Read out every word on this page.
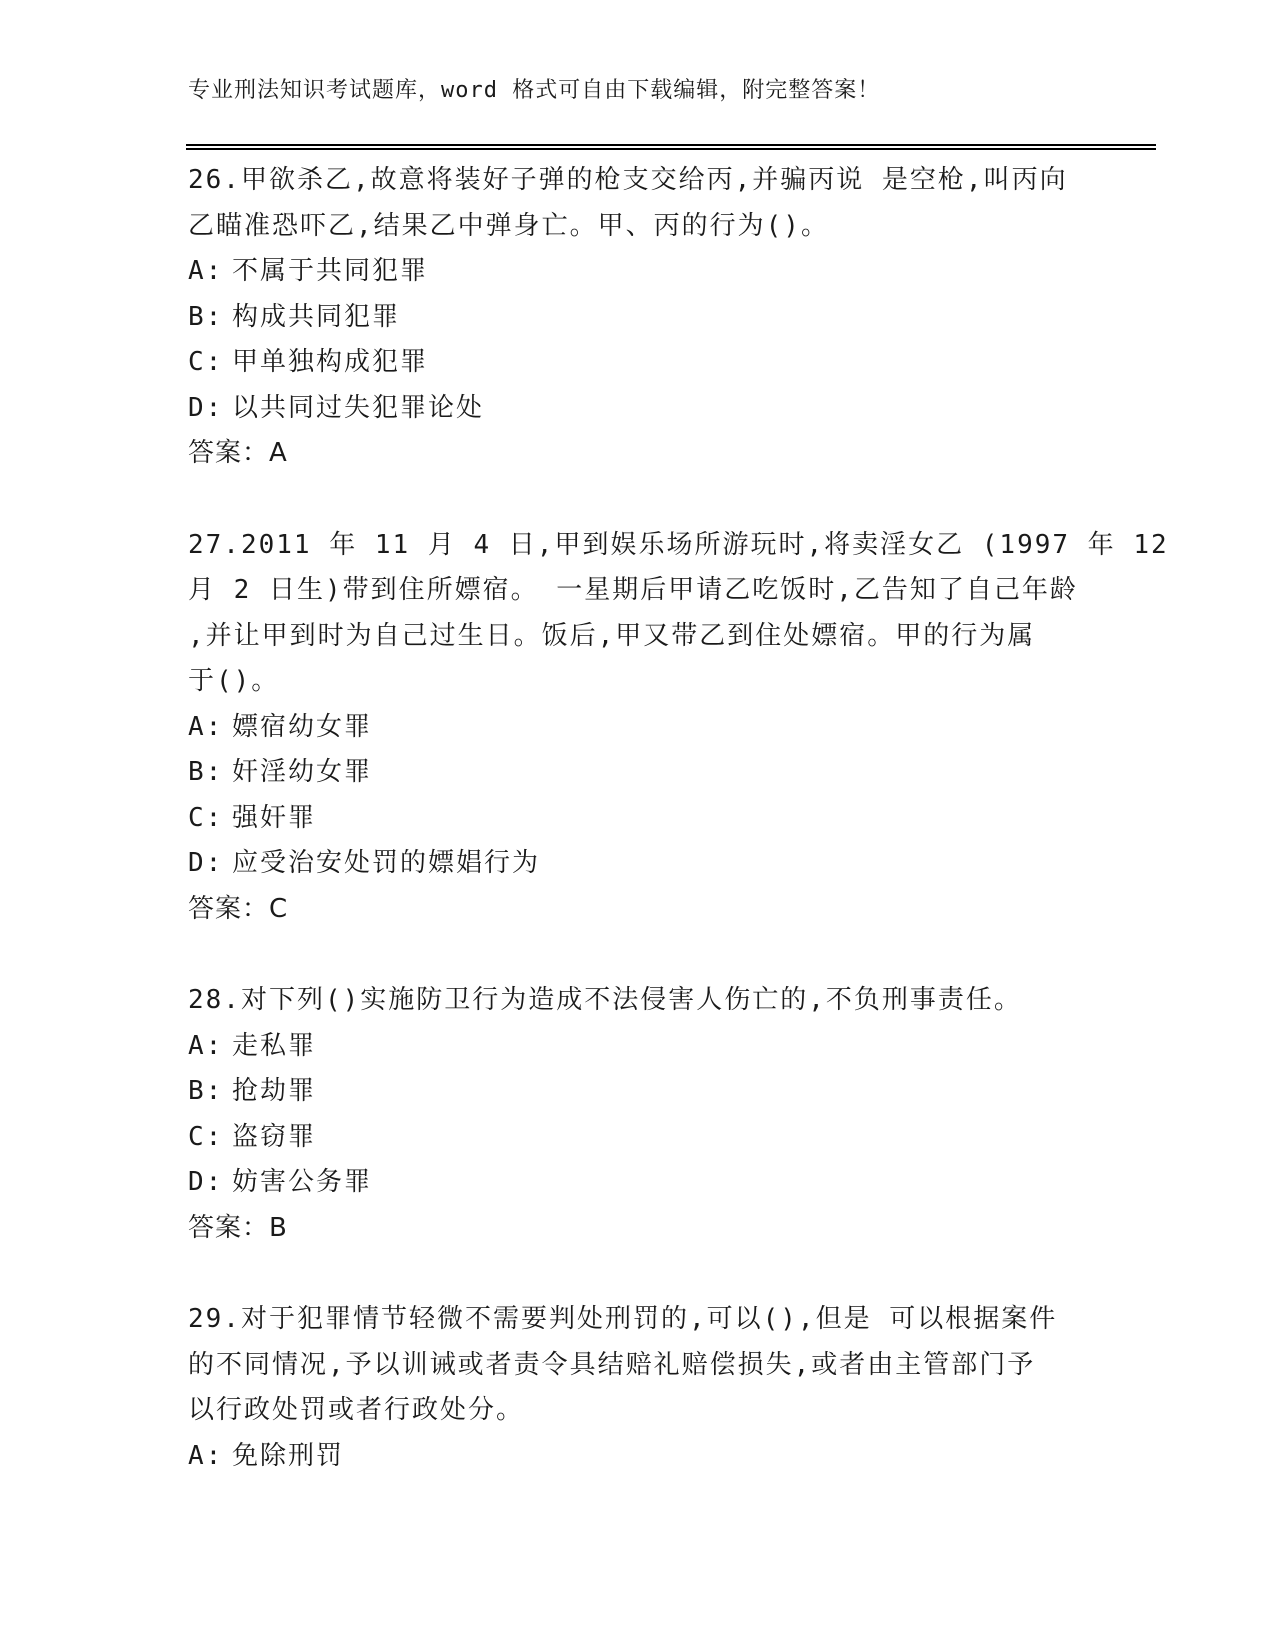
专业刑法知识考试题库，word 格式可自由下载编辑，附完整答案！
26.甲欲杀乙,故意将装好子弹的枪支交给丙,并骗丙说 是空枪,叫丙向
乙瞄准恐吓乙,结果乙中弹身亡。甲、丙的行为()。
A: 不属于共同犯罪
B: 构成共同犯罪
C: 甲单独构成犯罪
D: 以共同过失犯罪论处
答案：A
27.2011 年 11 月 4 日,甲到娱乐场所游玩时,将卖淫女乙 (1997 年 12
月 2 日生)带到住所嫖宿。 一星期后甲请乙吃饭时,乙告知了自己年龄
,并让甲到时为自己过生日。饭后,甲又带乙到住处嫖宿。甲的行为属
于()。
A: 嫖宿幼女罪
B: 奸淫幼女罪
C: 强奸罪
D: 应受治安处罚的嫖娼行为
答案：C
28.对下列()实施防卫行为造成不法侵害人伤亡的,不负刑事责任。
A: 走私罪
B: 抢劫罪
C: 盗窃罪
D: 妨害公务罪
答案：B
29.对于犯罪情节轻微不需要判处刑罚的,可以(),但是 可以根据案件
的不同情况,予以训诫或者责令具结赔礼赔偿损失,或者由主管部门予
以行政处罚或者行政处分。
A: 免除刑罚
